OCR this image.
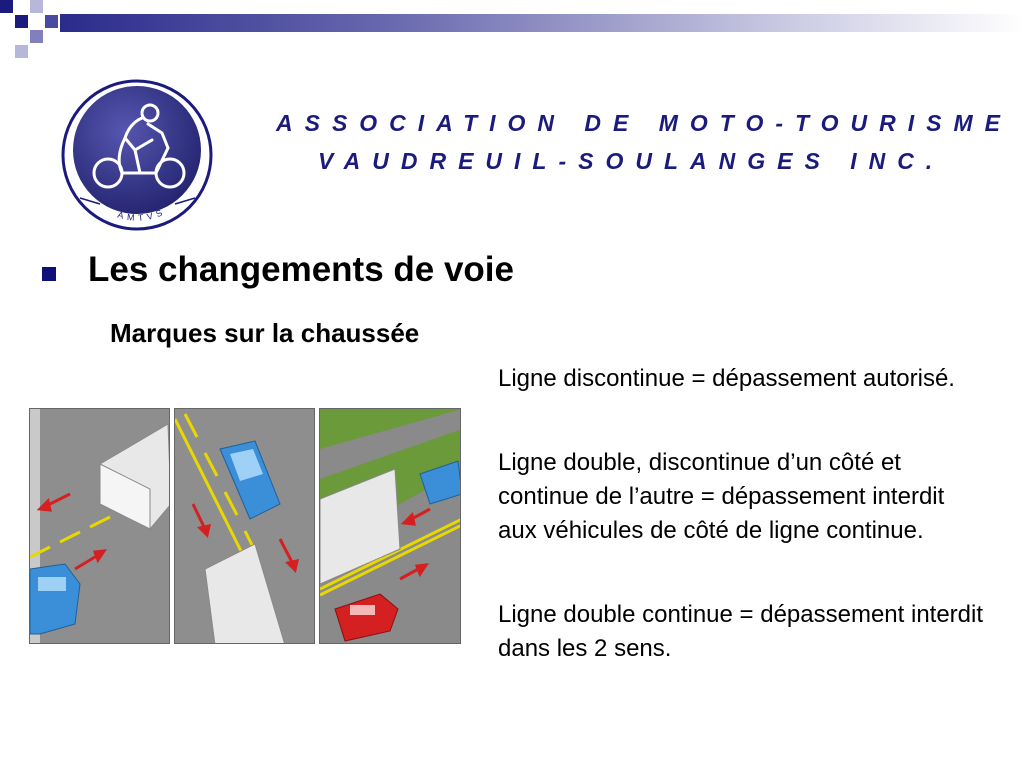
AMTVS
ASSOCIATION DE MOTO-TOURISME
VAUDREUIL-SOULANGES INC.
Les changements de voie
Marques sur la chaussée
Ligne discontinue = dépassement autorisé.
Ligne double, discontinue d’un côté et continue de l’autre = dépassement interdit aux véhicules de côté de ligne continue.
Ligne double continue = dépassement interdit dans les 2 sens.
